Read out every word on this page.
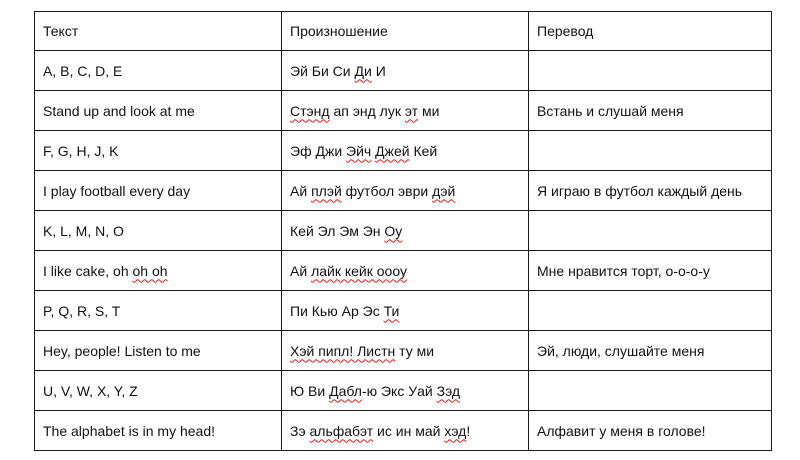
Текст	Произношение	Перевод
A, B, C, D, E	Эй Би Си Ди И	
Stand up and look at me	Стэнд ап энд лук эт ми	Встань и слушай меня
F, G, H, J, K	Эф Джи Эйч Джей Кей	
I play football every day	Ай плэй футбол эври дэй	Я играю в футбол каждый день
K, L, M, N, O	Кей Эл Эм Эн Оу	
I like cake, oh oh oh	Ай лайк кейк оооу	Мне нравится торт, о-о-о-у
P, Q, R, S, T	Пи Кью Ар Эс Ти	
Hey, people! Listen to me	Хэй пипл! Листн ту ми	Эй, люди, слушайте меня
U, V, W, X, Y, Z	Ю Ви Дабл-ю Экс Уай Зэд	
The alphabet is in my head!	Зэ альфабэт ис ин май хэд!	Алфавит у меня в голове!
